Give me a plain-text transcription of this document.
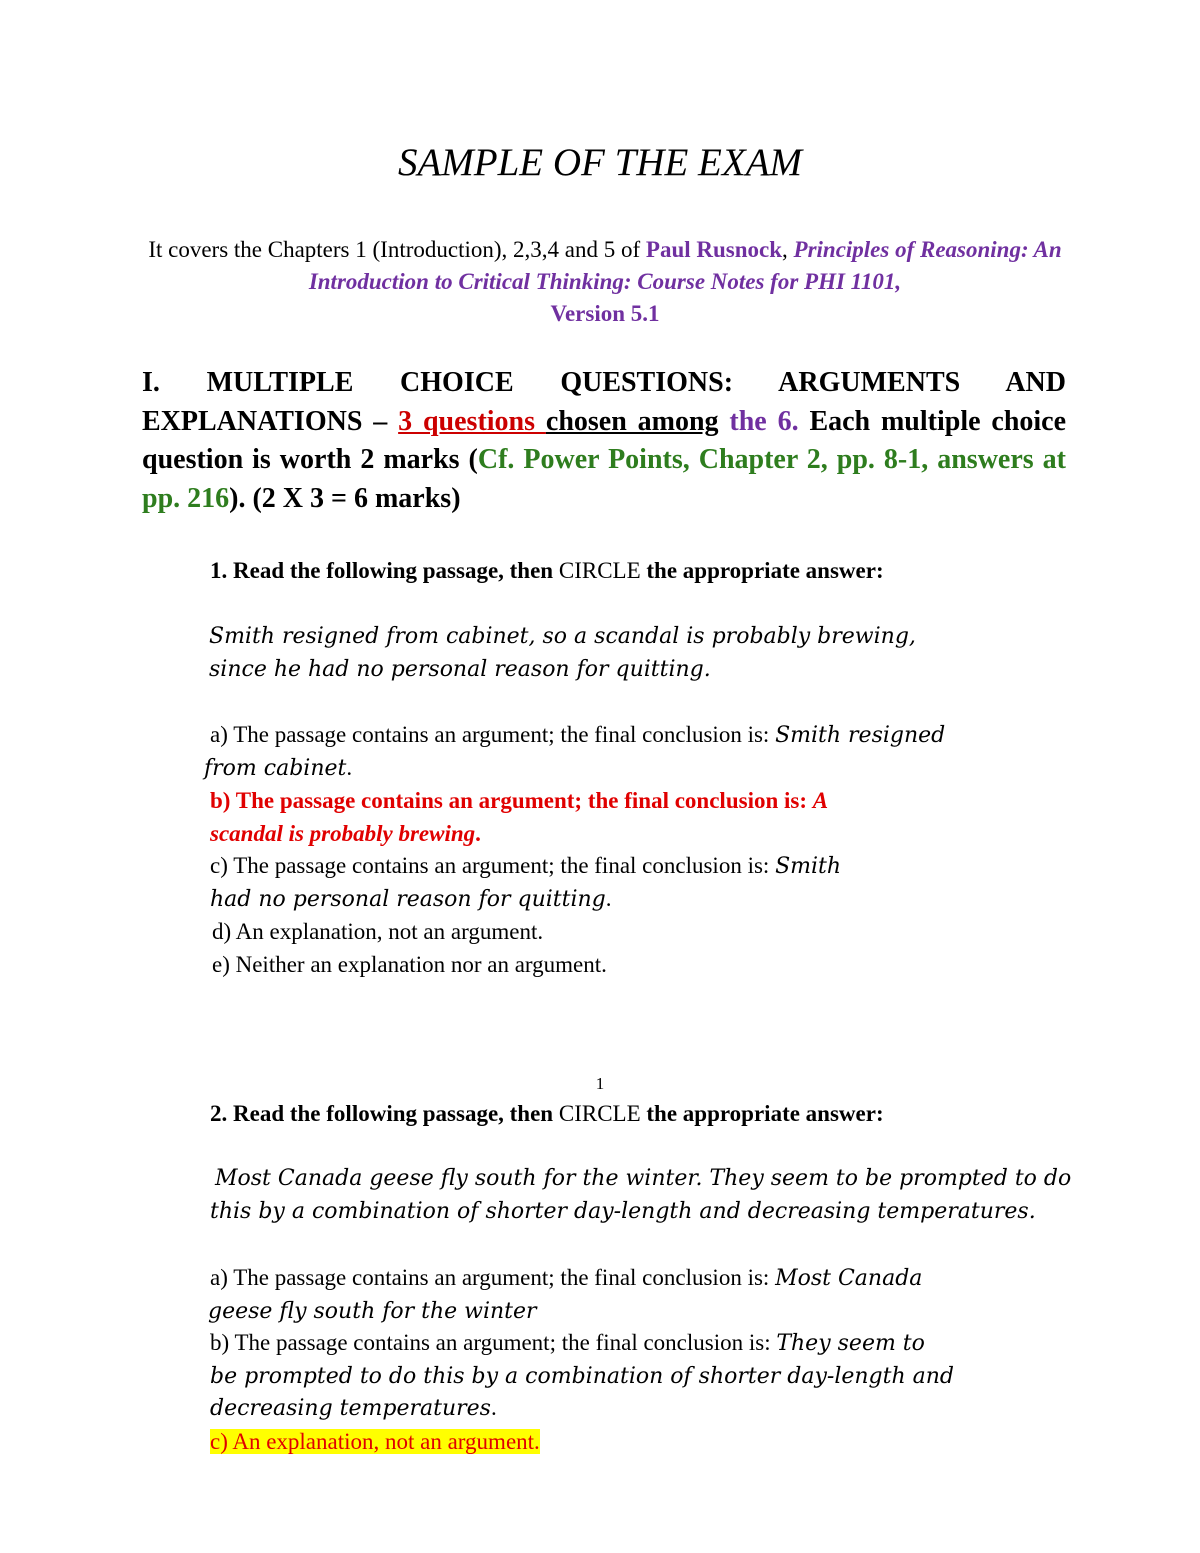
SAMPLE OF THE EXAM
It covers the Chapters 1 (Introduction), 2,3,4 and 5 of Paul Rusnock, Principles of Reasoning: An Introduction to Critical Thinking: Course Notes for PHI 1101,
Version 5.1
I. MULTIPLE CHOICE QUESTIONS: ARGUMENTS AND EXPLANATIONS – 3 questions chosen among the 6. Each multiple choice question is worth 2 marks (Cf. Power Points, Chapter 2, pp. 8-1, answers at pp. 216). (2 X 3 = 6 marks)
1. Read the following passage, then CIRCLE the appropriate answer:
Smith resigned from cabinet, so a scandal is probably brewing,
since he had no personal reason for quitting.
a) The passage contains an argument; the final conclusion is: Smith resigned
from cabinet.
b) The passage contains an argument; the final conclusion is: A
scandal is probably brewing.
c) The passage contains an argument; the final conclusion is: Smith
had no personal reason for quitting.
d) An explanation, not an argument.
e) Neither an explanation nor an argument.
1
2. Read the following passage, then CIRCLE the appropriate answer:
Most Canada geese fly south for the winter. They seem to be prompted to do
this by a combination of shorter day-length and decreasing temperatures.
a) The passage contains an argument; the final conclusion is: Most Canada
geese fly south for the winter
b) The passage contains an argument; the final conclusion is: They seem to
be prompted to do this by a combination of shorter day-length and
decreasing temperatures.
c) An explanation, not an argument.
